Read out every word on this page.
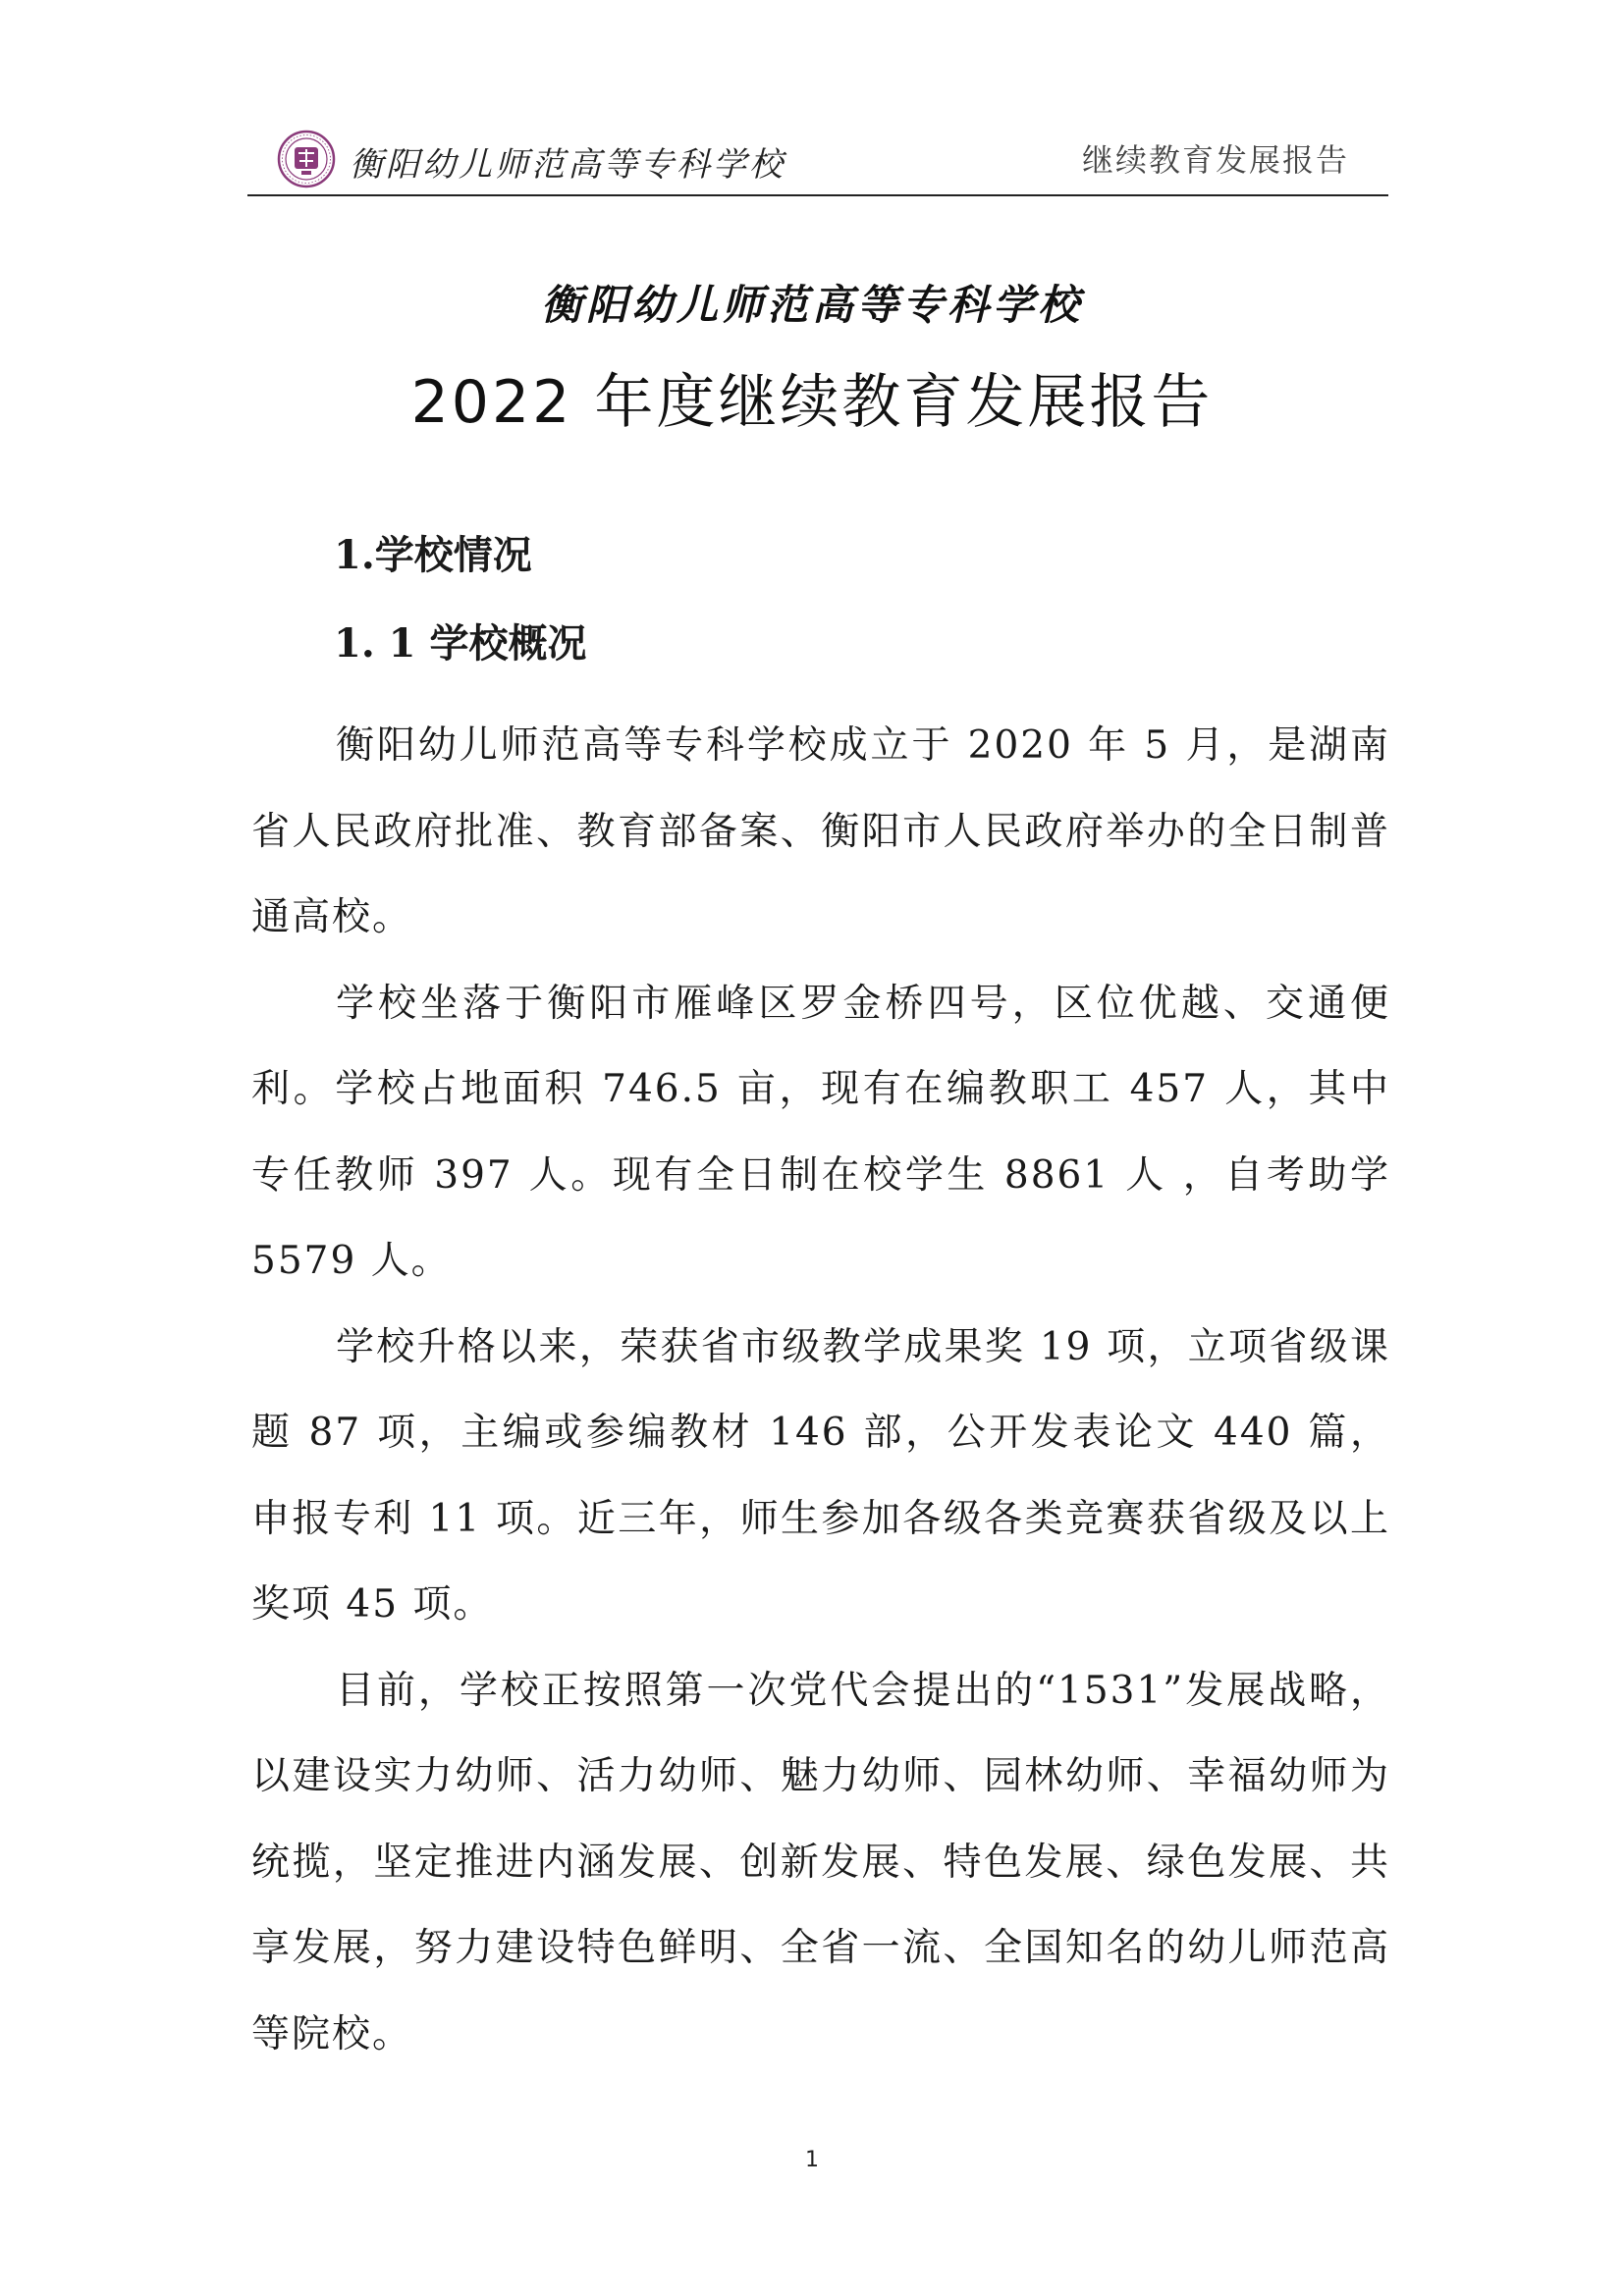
衡阳幼儿师范高等专科学校	继续教育发展报告
衡阳幼儿师范高等专科学校
2022 年度继续教育发展报告
1.学校情况
1. 1 学校概况

衡阳幼儿师范高等专科学校成立于 2020 年 5 月，是湖南省人民政府批准、教育部备案、衡阳市人民政府举办的全日制普通高校。

学校坐落于衡阳市雁峰区罗金桥四号，区位优越、交通便利。学校占地面积 746.5 亩，现有在编教职工 457 人，其中专任教师 397 人。现有全日制在校学生 8861 人 ，自考助学 5579 人。

学校升格以来，荣获省市级教学成果奖 19 项，立项省级课题 87 项，主编或参编教材 146 部，公开发表论文 440 篇，申报专利 11 项。近三年，师生参加各级各类竞赛获省级及以上奖项 45 项。

目前，学校正按照第一次党代会提出的“1531”发展战略，以建设实力幼师、活力幼师、魅力幼师、园林幼师、幸福幼师为统揽，坚定推进内涵发展、创新发展、特色发展、绿色发展、共享发展，努力建设特色鲜明、全省一流、全国知名的幼儿师范高等院校。

1
